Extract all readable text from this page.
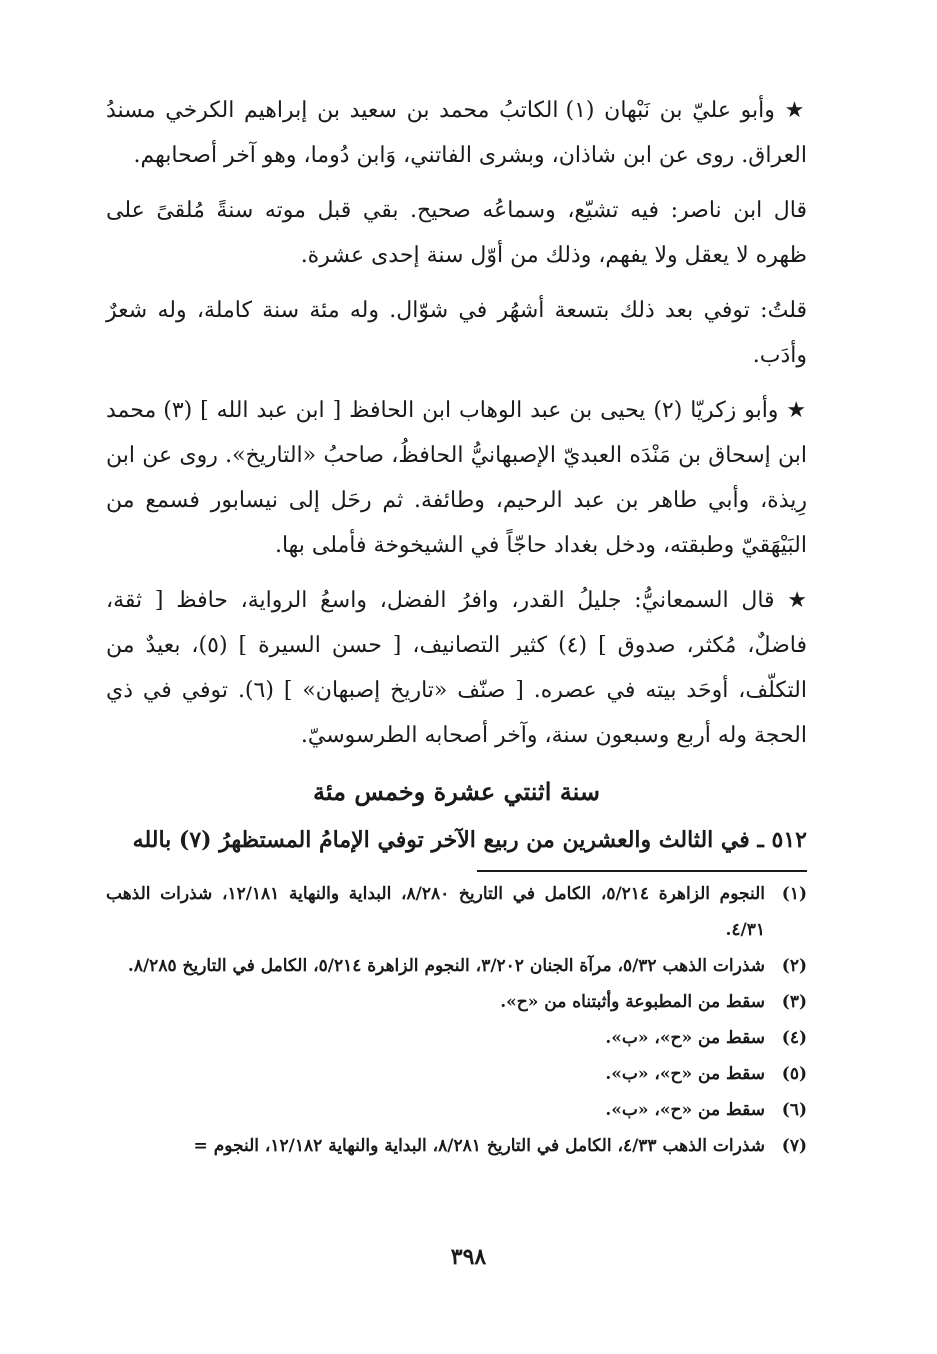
★ وأبو عليّ بن نَبْهان (١) الكاتبُ محمد بن سعيد بن إبراهيم الكرخي مسندُ العراق. روى عن ابن شاذان، وبشرى الفاتني، وَابن دُوما، وهو آخر أصحابهم.

قال ابن ناصر: فيه تشيّع، وسماعُه صحيح. بقي قبل موته سنةً مُلقىً على ظهره لا يعقل ولا يفهم، وذلك من أوّل سنة إحدى عشرة.

قلتُ: توفي بعد ذلك بتسعة أشهُر في شوّال. وله مئة سنة كاملة، وله شعرٌ وأدَب.

★ وأبو زكريّا (٢) يحيى بن عبد الوهاب ابن الحافظ [ ابن عبد الله ] (٣) محمد ابن إسحاق بن مَنْدَه العبديّ الإصبهانيُّ الحافظُ، صاحبُ «التاريخ». روى عن ابن رِيذة، وأبي طاهر بن عبد الرحيم، وطائفة. ثم رحَل إلى نيسابور فسمع من البَيْهَقيّ وطبقته، ودخل بغداد حاجّاً في الشيخوخة فأملى بها.

★ قال السمعانيُّ: جليلُ القدر، وافرُ الفضل، واسعُ الرواية، حافظ [ ثقة، فاضلٌ، مُكثر، صدوق ] (٤) كثير التصانيف، [ حسن السيرة ] (٥)، بعيدٌ من التكلّف، أوحَد بيته في عصره. [ صنّف «تاريخ إصبهان» ] (٦). توفي في ذي الحجة وله أربع وسبعون سنة، وآخر أصحابه الطرسوسيّ.

سنة اثنتي عشرة وخمس مئة

٥١٢ ـ في الثالث والعشرين من ربيع الآخر توفي الإمامُ المستظهرُ (٧) بالله

(١)
النجوم الزاهرة ٥/٢١٤، الكامل في التاريخ ٨/٢٨٠، البداية والنهاية ١٢/١٨١، شذرات الذهب ٤/٣١.
(٢)
شذرات الذهب ٥/٣٢، مرآة الجنان ٣/٢٠٢، النجوم الزاهرة ٥/٢١٤، الكامل في التاريخ ٨/٢٨٥.
(٣)
سقط من المطبوعة وأثبتناه من «ح».
(٤)
سقط من «ح»، «ب».
(٥)
سقط من «ح»، «ب».
(٦)
سقط من «ح»، «ب».
(٧)
شذرات الذهب ٤/٣٣، الكامل في التاريخ ٨/٢٨١، البداية والنهاية ١٢/١٨٢، النجوم =
٣٩٨
